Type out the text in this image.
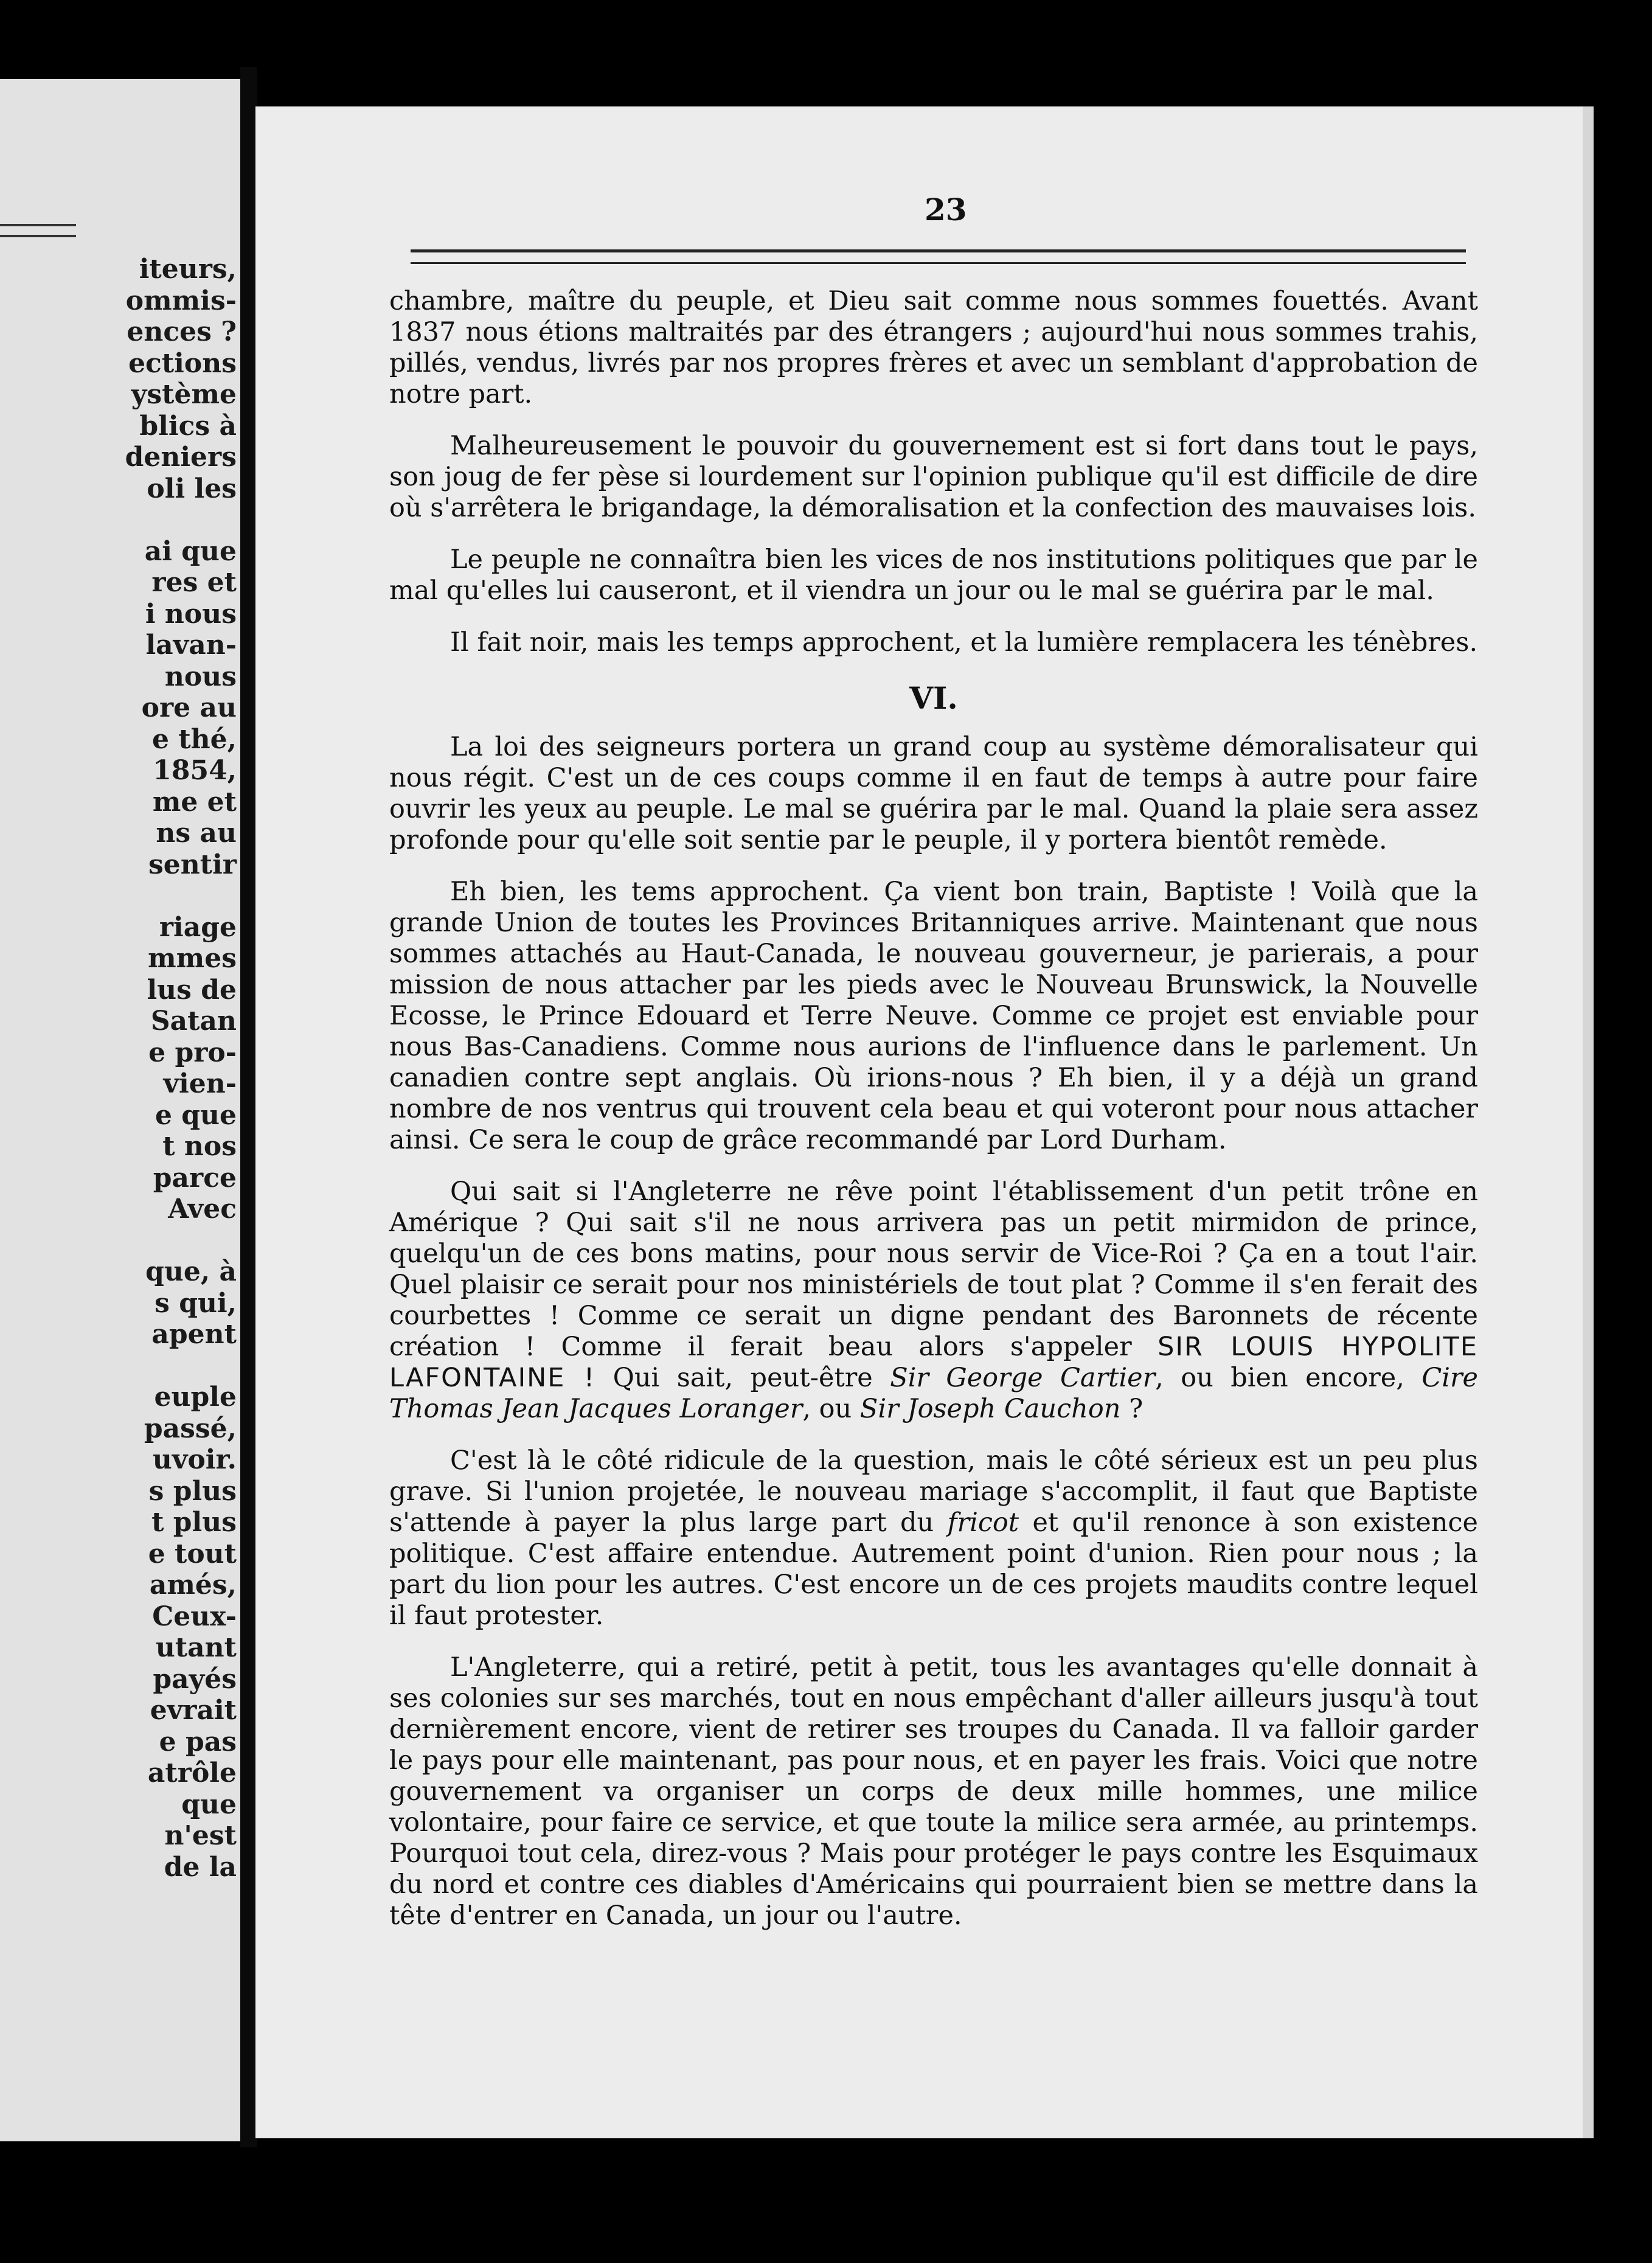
iteurs,
ommis-
ences ?
ections
ystème
blics à
deniers
oli les

ai que
res et
i nous
lavan-
nous
ore au
e thé,
1854,
me et
ns au
sentir

riage
mmes
lus de
Satan
e pro-
vien-
e que
t nos
parce
Avec

que, à
s qui,
apent

euple
passé,
uvoir.
s plus
t plus
e tout
amés,
Ceux-
utant
payés
evrait
e pas
atrôle
que
n'est
de la
23

chambre, maître du peuple, et Dieu sait comme nous sommes fouettés. Avant 1837 nous étions maltraités par des étrangers ; aujourd'hui nous sommes trahis, pillés, vendus, livrés par nos propres frères et avec un semblant d'approbation de notre part.

Malheureusement le pouvoir du gouvernement est si fort dans tout le pays, son joug de fer pèse si lourdement sur l'opinion publique qu'il est difficile de dire où s'arrêtera le brigandage, la démoralisation et la confection des mauvaises lois.

Le peuple ne connaîtra bien les vices de nos institutions politiques que par le mal qu'elles lui causeront, et il viendra un jour ou le mal se guérira par le mal.

Il fait noir, mais les temps approchent, et la lumière remplacera les ténèbres.

VI.

La loi des seigneurs portera un grand coup au système démoralisateur qui nous régit. C'est un de ces coups comme il en faut de temps à autre pour faire ouvrir les yeux au peuple. Le mal se guérira par le mal. Quand la plaie sera assez profonde pour qu'elle soit sentie par le peuple, il y portera bientôt remède.

Eh bien, les tems approchent. Ça vient bon train, Baptiste ! Voilà que la grande Union de toutes les Provinces Britanniques arrive. Maintenant que nous sommes attachés au Haut-Canada, le nouveau gouverneur, je parierais, a pour mission de nous attacher par les pieds avec le Nouveau Brunswick, la Nouvelle Ecosse, le Prince Edouard et Terre Neuve. Comme ce projet est enviable pour nous Bas-Canadiens. Comme nous aurions de l'influence dans le parlement. Un canadien contre sept anglais. Où irions-nous ? Eh bien, il y a déjà un grand nombre de nos ventrus qui trouvent cela beau et qui voteront pour nous attacher ainsi. Ce sera le coup de grâce recommandé par Lord Durham.

Qui sait si l'Angleterre ne rêve point l'établissement d'un petit trône en Amérique ? Qui sait s'il ne nous arrivera pas un petit mirmidon de prince, quelqu'un de ces bons matins, pour nous servir de Vice-Roi ? Ça en a tout l'air. Quel plaisir ce serait pour nos ministériels de tout plat ? Comme il s'en ferait des courbettes ! Comme ce serait un digne pendant des Baronnets de récente création ! Comme il ferait beau alors s'appeler SIR LOUIS HYPOLITE LAFONTAINE ! Qui sait, peut-être Sir George Cartier, ou bien encore, Cire Thomas Jean Jacques Loranger, ou Sir Joseph Cauchon ?

C'est là le côté ridicule de la question, mais le côté sérieux est un peu plus grave. Si l'union projetée, le nouveau mariage s'accomplit, il faut que Baptiste s'attende à payer la plus large part du fricot et qu'il renonce à son existence politique. C'est affaire entendue. Autrement point d'union. Rien pour nous ; la part du lion pour les autres. C'est encore un de ces projets maudits contre lequel il faut protester.

L'Angleterre, qui a retiré, petit à petit, tous les avantages qu'elle donnait à ses colonies sur ses marchés, tout en nous empêchant d'aller ailleurs jusqu'à tout dernièrement encore, vient de retirer ses troupes du Canada. Il va falloir garder le pays pour elle maintenant, pas pour nous, et en payer les frais. Voici que notre gouvernement va organiser un corps de deux mille hommes, une milice volontaire, pour faire ce service, et que toute la milice sera armée, au printemps. Pourquoi tout cela, direz-vous ? Mais pour protéger le pays contre les Esquimaux du nord et contre ces diables d'Américains qui pourraient bien se mettre dans la tête d'entrer en Canada, un jour ou l'autre.
